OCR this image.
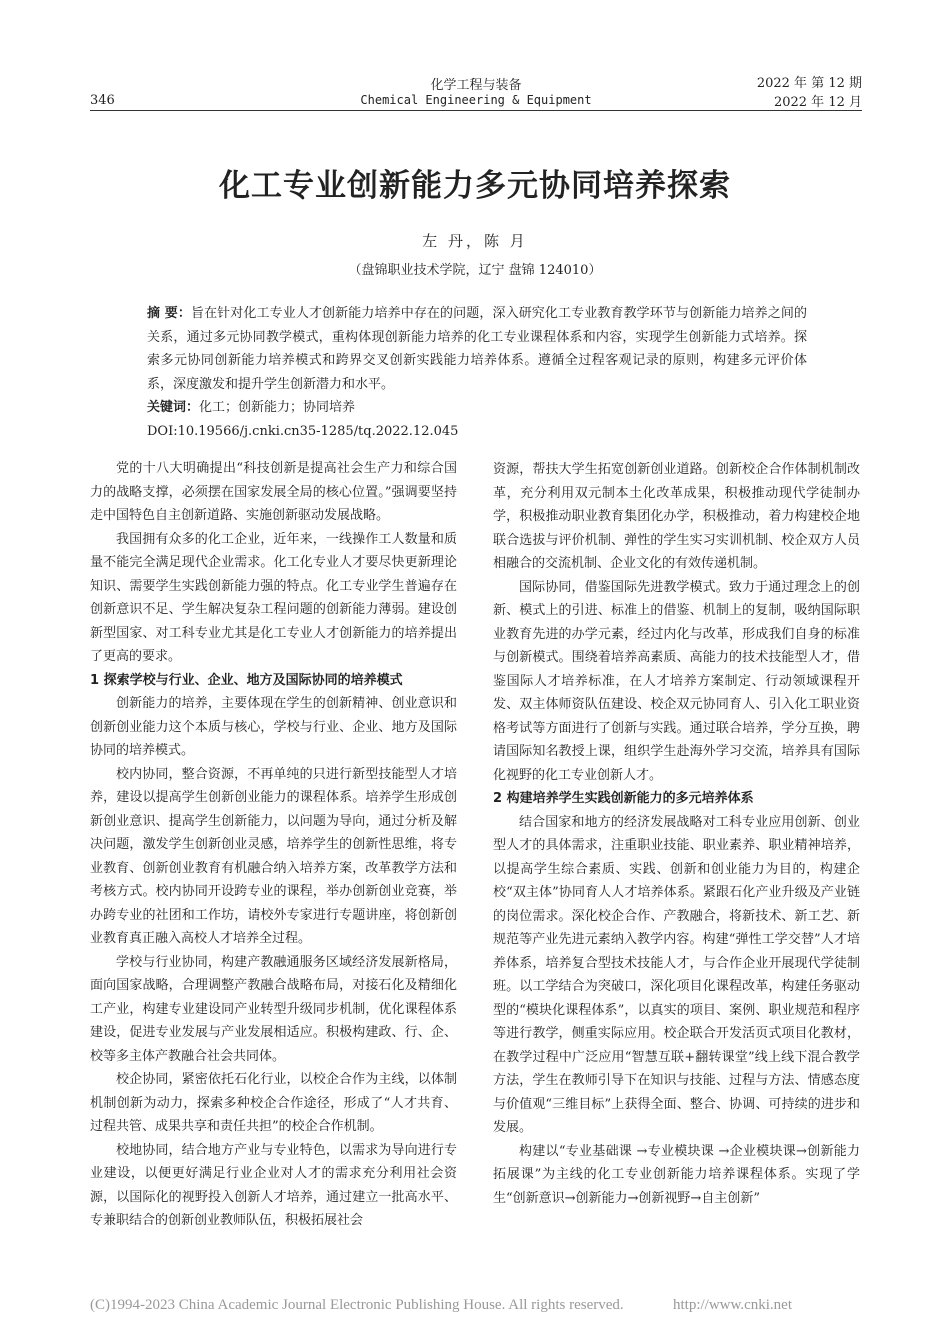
346
化学工程与装备
Chemical Engineering & Equipment
2022 年 第 12 期
2022 年 12 月
化工专业创新能力多元协同培养探索
左 丹，陈 月
（盘锦职业技术学院，辽宁 盘锦 124010）

摘 要：旨在针对化工专业人才创新能力培养中存在的问题，深入研究化工专业教育教学环节与创新能力培养之间的关系，通过多元协同教学模式，重构体现创新能力培养的化工专业课程体系和内容，实现学生创新能力式培养。探索多元协同创新能力培养模式和跨界交叉创新实践能力培养体系。遵循全过程客观记录的原则，构建多元评价体系，深度激发和提升学生创新潜力和水平。

关键词：化工；创新能力；协同培养

DOI:10.19566/j.cnki.cn35-1285/tq.2022.12.045

党的十八大明确提出“科技创新是提高社会生产力和综合国力的战略支撑，必须摆在国家发展全局的核心位置。”强调要坚持走中国特色自主创新道路、实施创新驱动发展战略。

我国拥有众多的化工企业，近年来，一线操作工人数量和质量不能完全满足现代企业需求。化工化专业人才要尽快更新理论知识、需要学生实践创新能力强的特点。化工专业学生普遍存在创新意识不足、学生解决复杂工程问题的创新能力薄弱。建设创新型国家、对工科专业尤其是化工专业人才创新能力的培养提出了更高的要求。

1 探索学校与行业、企业、地方及国际协同的培养模式

创新能力的培养，主要体现在学生的创新精神、创业意识和创新创业能力这个本质与核心，学校与行业、企业、地方及国际协同的培养模式。

校内协同，整合资源，不再单纯的只进行新型技能型人才培养，建设以提高学生创新创业能力的课程体系。培养学生形成创新创业意识、提高学生创新能力，以问题为导向，通过分析及解决问题，激发学生创新创业灵感，培养学生的创新性思维，将专业教育、创新创业教育有机融合纳入培养方案，改革教学方法和考核方式。校内协同开设跨专业的课程，举办创新创业竞赛，举办跨专业的社团和工作坊，请校外专家进行专题讲座，将创新创业教育真正融入高校人才培养全过程。

学校与行业协同，构建产教融通服务区域经济发展新格局，面向国家战略，合理调整产教融合战略布局，对接石化及精细化工产业，构建专业建设同产业转型升级同步机制，优化课程体系建设，促进专业发展与产业发展相适应。积极构建政、行、企、校等多主体产教融合社会共同体。

校企协同，紧密依托石化行业，以校企合作为主线，以体制机制创新为动力，探索多种校企合作途径，形成了“人才共育、过程共管、成果共享和责任共担”的校企合作机制。

校地协同，结合地方产业与专业特色，以需求为导向进行专业建设，以便更好满足行业企业对人才的需求充分利用社会资源，以国际化的视野投入创新人才培养，通过建立一批高水平、专兼职结合的创新创业教师队伍，积极拓展社会

资源，帮扶大学生拓宽创新创业道路。创新校企合作体制机制改革，充分利用双元制本土化改革成果，积极推动现代学徒制办学，积极推动职业教育集团化办学，积极推动，着力构建校企地联合选拔与评价机制、弹性的学生实习实训机制、校企双方人员相融合的交流机制、企业文化的有效传递机制。

国际协同，借鉴国际先进教学模式。致力于通过理念上的创新、模式上的引进、标准上的借鉴、机制上的复制，吸纳国际职业教育先进的办学元素，经过内化与改革，形成我们自身的标准与创新模式。围绕着培养高素质、高能力的技术技能型人才，借鉴国际人才培养标准，在人才培养方案制定、行动领域课程开发、双主体师资队伍建设、校企双元协同育人、引入化工职业资格考试等方面进行了创新与实践。通过联合培养，学分互换，聘请国际知名教授上课，组织学生赴海外学习交流，培养具有国际化视野的化工专业创新人才。

2 构建培养学生实践创新能力的多元培养体系

结合国家和地方的经济发展战略对工科专业应用创新、创业型人才的具体需求，注重职业技能、职业素养、职业精神培养，以提高学生综合素质、实践、创新和创业能力为目的，构建企校“双主体”协同育人人才培养体系。紧跟石化产业升级及产业链的岗位需求。深化校企合作、产教融合，将新技术、新工艺、新规范等产业先进元素纳入教学内容。构建“弹性工学交替”人才培养体系，培养复合型技术技能人才，与合作企业开展现代学徒制班。以工学结合为突破口，深化项目化课程改革，构建任务驱动型的“模块化课程体系”，以真实的项目、案例、职业规范和程序等进行教学，侧重实际应用。校企联合开发活页式项目化教材，在教学过程中广泛应用“智慧互联+翻转课堂”线上线下混合教学方法，学生在教师引导下在知识与技能、过程与方法、情感态度与价值观“三维目标”上获得全面、整合、协调、可持续的进步和发展。

构建以“专业基础课 →专业模块课 →企业模块课→创新能力拓展课”为主线的化工专业创新能力培养课程体系。实现了学生“创新意识→创新能力→创新视野→自主创新”

(C)1994-2023 China Academic Journal Electronic Publishing House. All rights reserved.	http://www.cnki.net
